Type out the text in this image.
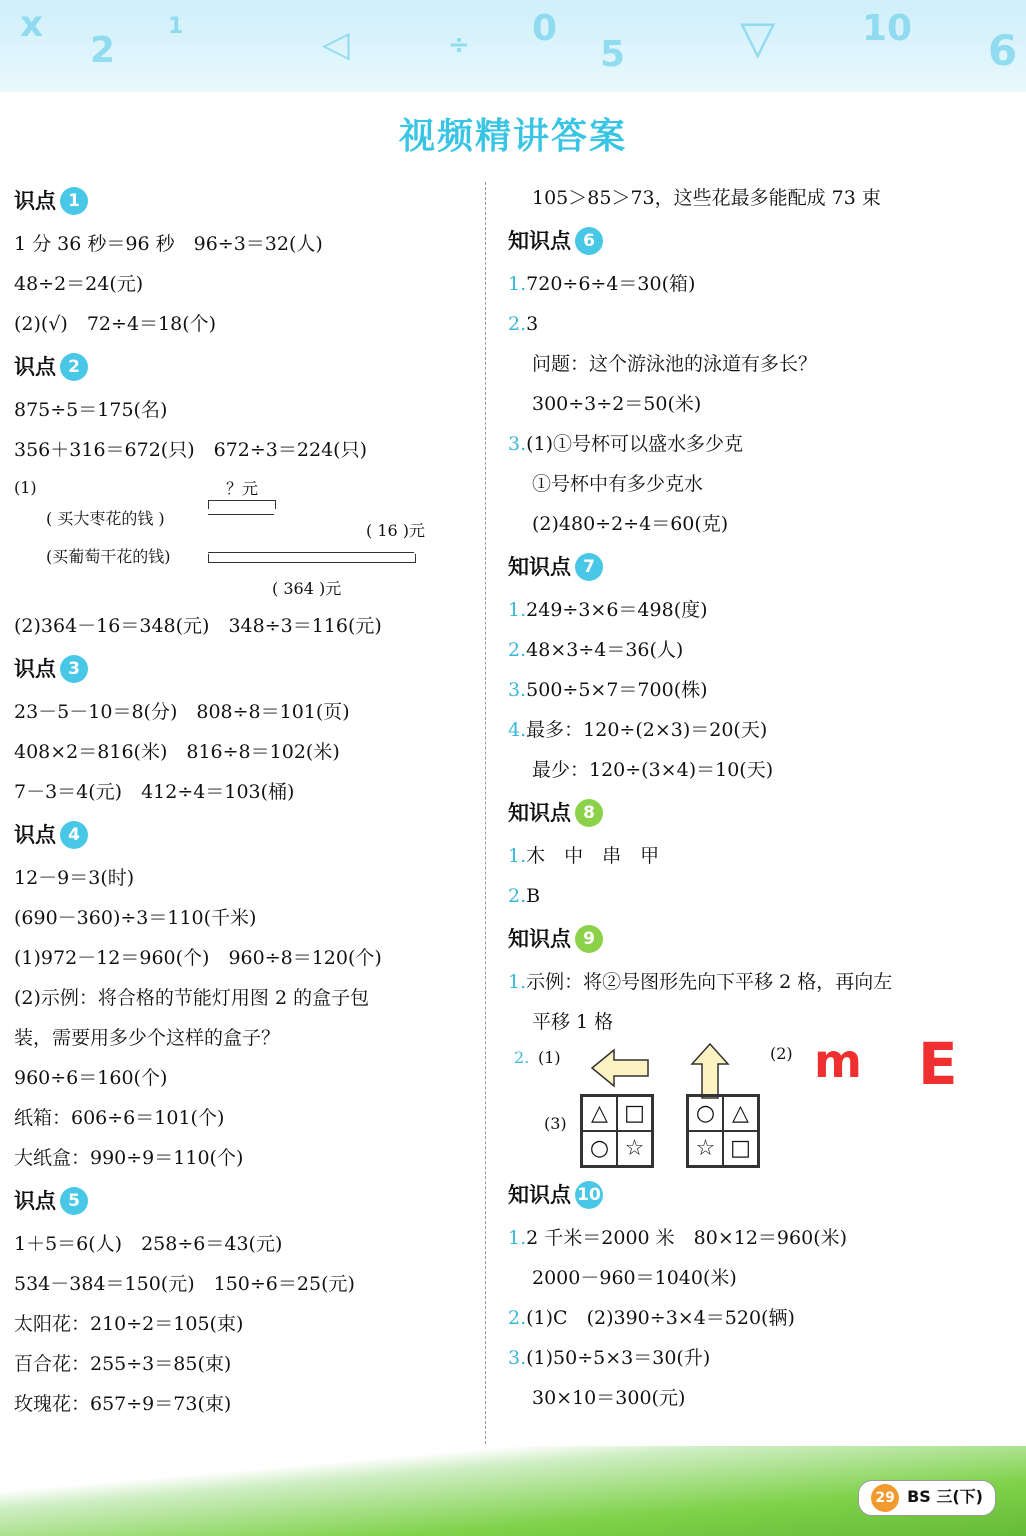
x
2
1	◁	÷ 0
5 ▽ 10 6
视频精讲答案
识点 1
1 分 36 秒＝96 秒　96÷3＝32(人)
48÷2＝24(元)
(2)(√)　72÷4＝18(个)
识点 2
875÷5＝175(名)
356＋316＝672(只)　672÷3＝224(只)
(1)	？元
( 买大枣花的钱 )
( 16 )元
(买葡萄干花的钱)
( 364 )元
(2)364－16＝348(元)　348÷3＝116(元)
识点 3
23－5－10＝8(分)　808÷8＝101(页)
408×2＝816(米)　816÷8＝102(米)
7－3＝4(元)　412÷4＝103(桶)
识点 4
12－9＝3(时)
(690－360)÷3＝110(千米)
(1)972－12＝960(个)　960÷8＝120(个)
(2)示例：将合格的节能灯用图 2 的盒子包
装，需要用多少个这样的盒子？
960÷6＝160(个)
纸箱：606÷6＝101(个)
大纸盒：990÷9＝110(个)
识点 5
1＋5＝6(人)　258÷6＝43(元)
534－384＝150(元)　150÷6＝25(元)
太阳花：210÷2＝105(束)
百合花：255÷3＝85(束)
玫瑰花：657÷9＝73(束)
105＞85＞73，这些花最多能配成 73 束
知识点 6
1.720÷6÷4＝30(箱)
2.3
问题：这个游泳池的泳道有多长？
300÷3÷2＝50(米)
3.(1)①号杯可以盛水多少克
①号杯中有多少克水
(2)480÷2÷4＝60(克)
知识点 7
1.249÷3×6＝498(度)
2.48×3÷4＝36(人)
3.500÷5×7＝700(株)
4.最多：120÷(2×3)＝20(天)
最少：120÷(3×4)＝10(天)
知识点 8
1.木　中　串　甲
2.B
知识点 9
1.示例：将②号图形先向下平移 2 格，再向左
平移 1 格
2. (1)	(2) m E
(3)	△ □
○ ☆
○ △
☆ □
知识点 10
1.2 千米＝2000 米　80×12＝960(米)
2000－960＝1040(米)
2.(1)C　(2)390÷3×4＝520(辆)
3.(1)50÷5×3＝30(升)
30×10＝300(元)
29 BS 三(下)
